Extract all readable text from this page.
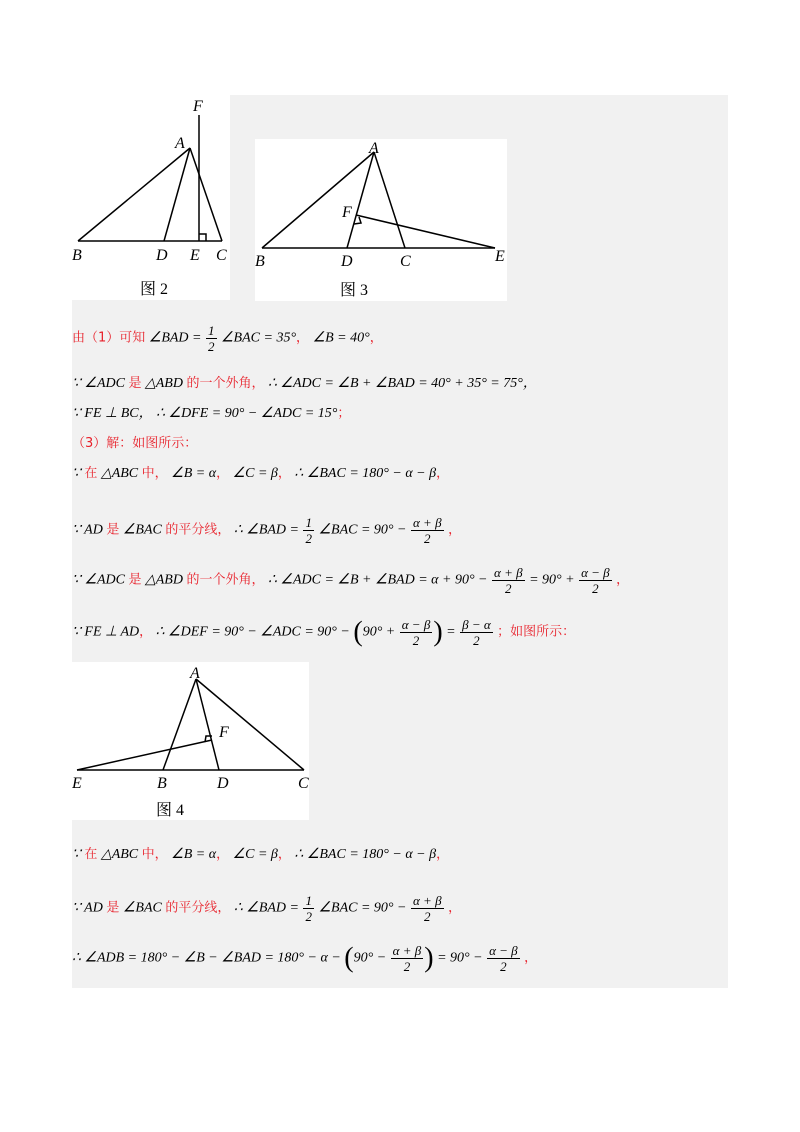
F
A
B	D E C
图 2
A
F
B	D	C	E
图 3
由（1）可知 ∠BAD = $\frac{1}{2}$ ∠BAC = 35°， ∠B = 40°，
∵ ∠ADC 是 △ABD 的一个外角， ∴ ∠ADC = ∠B + ∠BAD = 40° + 35° = 75°，
∵ FE ⊥ BC， ∴ ∠DFE = 90° − ∠ADC = 15°；
（3）解：如图所示：
∵ 在 △ABC 中， ∠B = α， ∠C = β， ∴ ∠BAC = 180° − α − β，
∵ AD 是 ∠BAC 的平分线， ∴ ∠BAD = $\frac{1}{2}$ ∠BAC = $90^\circ - \frac{\alpha + \beta}{2}$ ，
∵ ∠ADC 是 △ABD 的一个外角， ∴ ∠ADC = ∠B + ∠BAD = $\alpha + 90^\circ - \frac{\alpha + \beta}{2} = 90^\circ + \frac{\alpha - \beta}{2}$ ，
∵ FE ⊥ AD， ∴ ∠DEF = 90° − ∠ADC = $90^\circ - (90^\circ + \frac{\alpha - \beta}{2}$ ) = $\frac{\beta - \alpha}{2}$ ；如图所示：
A
F
E	B	D	C
图 4
∵ 在 △ABC 中， ∠B = α， ∠C = β， ∴ ∠BAC = 180° − α − β，
∵ AD 是 ∠BAC 的平分线， ∴ ∠BAD = $\frac{1}{2}$ ∠BAC = $90^\circ - \frac{\alpha + \beta}{2}$ ，
∴ ∠ADB = 180° − ∠B − ∠BAD = $180^\circ - \alpha - (90^\circ - \frac{\alpha + \beta}{2}$ ) = $90^\circ - \frac{\alpha - \beta}{2}$ ，
